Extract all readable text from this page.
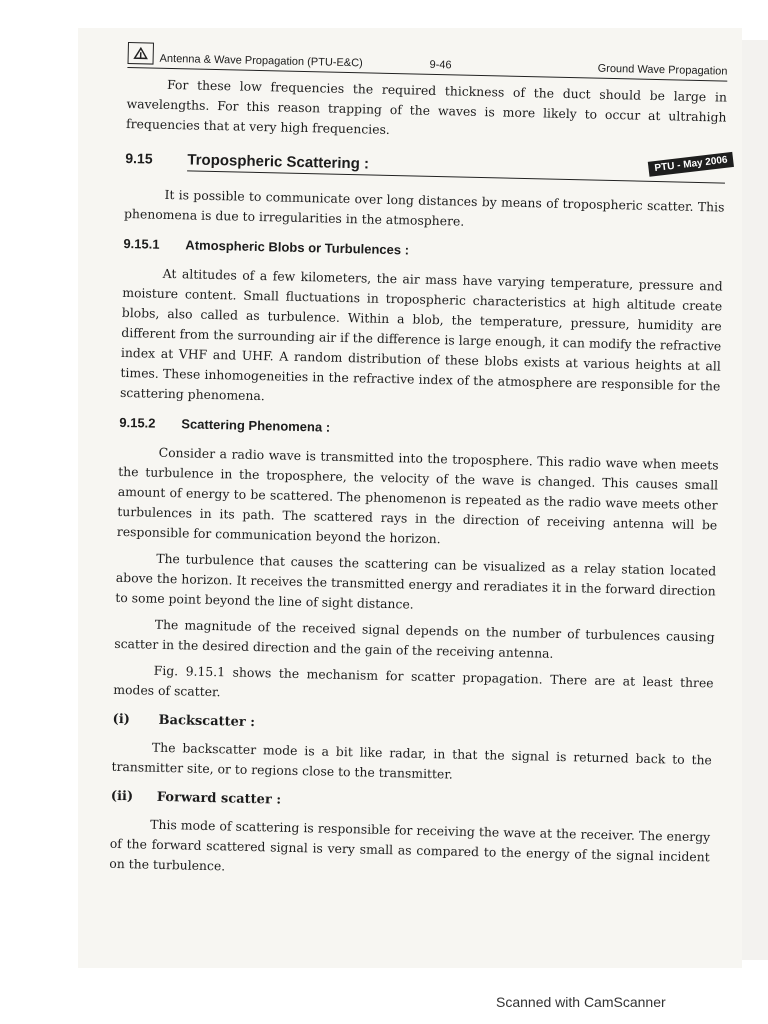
Antenna & Wave Propagation (PTU-E&C)	9-46	Ground Wave Propagation

For these low frequencies the required thickness of the duct should be large in wavelengths. For this reason trapping of the waves is more likely to occur at ultrahigh frequencies that at very high frequencies.

9.15	Tropospheric Scattering :	PTU - May 2006

It is possible to communicate over long distances by means of tropospheric scatter. This phenomena is due to irregularities in the atmosphere.

9.15.1	Atmospheric Blobs or Turbulences :

At altitudes of a few kilometers, the air mass have varying temperature, pressure and moisture content. Small fluctuations in tropospheric characteristics at high altitude create blobs, also called as turbulence. Within a blob, the temperature, pressure, humidity are different from the surrounding air if the difference is large enough, it can modify the refractive index at VHF and UHF. A random distribution of these blobs exists at various heights at all times. These inhomogeneities in the refractive index of the atmosphere are responsible for the scattering phenomena.

9.15.2	Scattering Phenomena :

Consider a radio wave is transmitted into the troposphere. This radio wave when meets the turbulence in the troposphere, the velocity of the wave is changed. This causes small amount of energy to be scattered. The phenomenon is repeated as the radio wave meets other turbulences in its path. The scattered rays in the direction of receiving antenna will be responsible for communication beyond the horizon.

The turbulence that causes the scattering can be visualized as a relay station located above the horizon. It receives the transmitted energy and reradiates it in the forward direction to some point beyond the line of sight distance.

The magnitude of the received signal depends on the number of turbulences causing scatter in the desired direction and the gain of the receiving antenna.

Fig. 9.15.1 shows the mechanism for scatter propagation. There are at least three modes of scatter.

(i)	Backscatter :

The backscatter mode is a bit like radar, in that the signal is returned back to the transmitter site, or to regions close to the transmitter.

(ii)	Forward scatter :

This mode of scattering is responsible for receiving the wave at the receiver. The energy of the forward scattered signal is very small as compared to the energy of the signal incident on the turbulence.

Scanned with CamScanner
